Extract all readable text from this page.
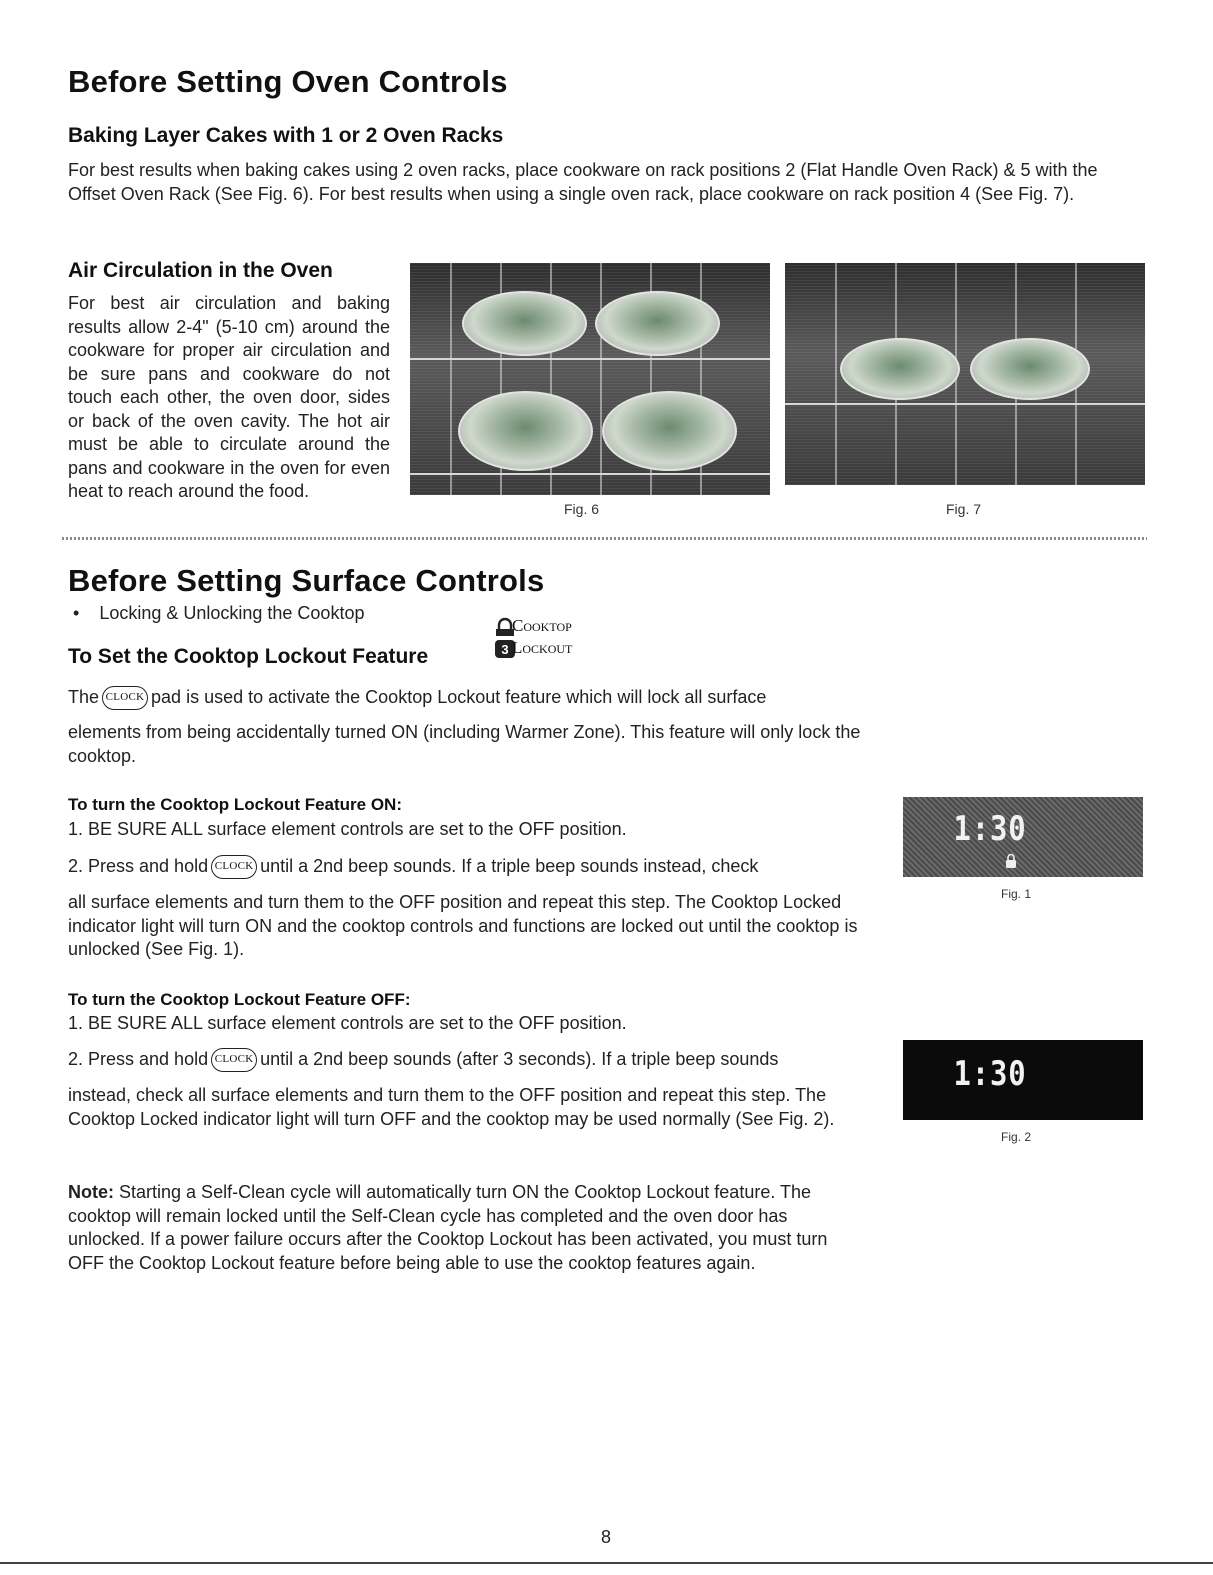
Before Setting Oven Controls
Baking Layer Cakes with 1 or 2 Oven Racks
For best results when baking cakes using 2 oven racks, place cookware on rack positions 2 (Flat Handle Oven Rack) & 5 with the Offset Oven Rack (See Fig. 6). For best results when using a single oven rack, place cookware on rack position 4 (See Fig. 7).
Air Circulation in the Oven
For best air circulation and baking results allow 2-4" (5-10 cm) around the cookware for proper air circulation and be sure pans and cookware do not touch each other, the oven door, sides or back of the oven cavity. The hot air must be able to circulate around the pans and cookware in the oven for even heat to reach around the food.
Fig. 6	Fig. 7
Before Setting Surface Controls
• Locking & Unlocking the Cooktop
To Set the Cooktop Lockout Feature	3
Cooktop
Lockout
The CLOCK pad is used to activate the Cooktop Lockout feature which will lock all surface
elements from being accidentally turned ON (including Warmer Zone). This feature will only lock the cooktop.
To turn the Cooktop Lockout Feature ON:
1. BE SURE ALL surface element controls are set to the OFF position.
2. Press and hold CLOCK until a 2nd beep sounds. If a triple beep sounds instead, check
all surface elements and turn them to the OFF position and repeat this step. The Cooktop Locked indicator light will turn ON and the cooktop controls and functions are locked out until the cooktop is unlocked (See Fig. 1).
1:30
Fig. 1
To turn the Cooktop Lockout Feature OFF:
1. BE SURE ALL surface element controls are set to the OFF position.
2. Press and hold CLOCK until a 2nd beep sounds (after 3 seconds). If a triple beep sounds
instead, check all surface elements and turn them to the OFF position and repeat this step. The Cooktop Locked indicator light will turn OFF and the cooktop may be used normally (See Fig. 2).
1:30
Fig. 2
Note: Starting a Self-Clean cycle will automatically turn ON the Cooktop Lockout feature. The cooktop will remain locked until the Self-Clean cycle has completed and the oven door has unlocked. If a power failure occurs after the Cooktop Lockout has been activated, you must turn OFF the Cooktop Lockout feature before being able to use the cooktop features again.
8
